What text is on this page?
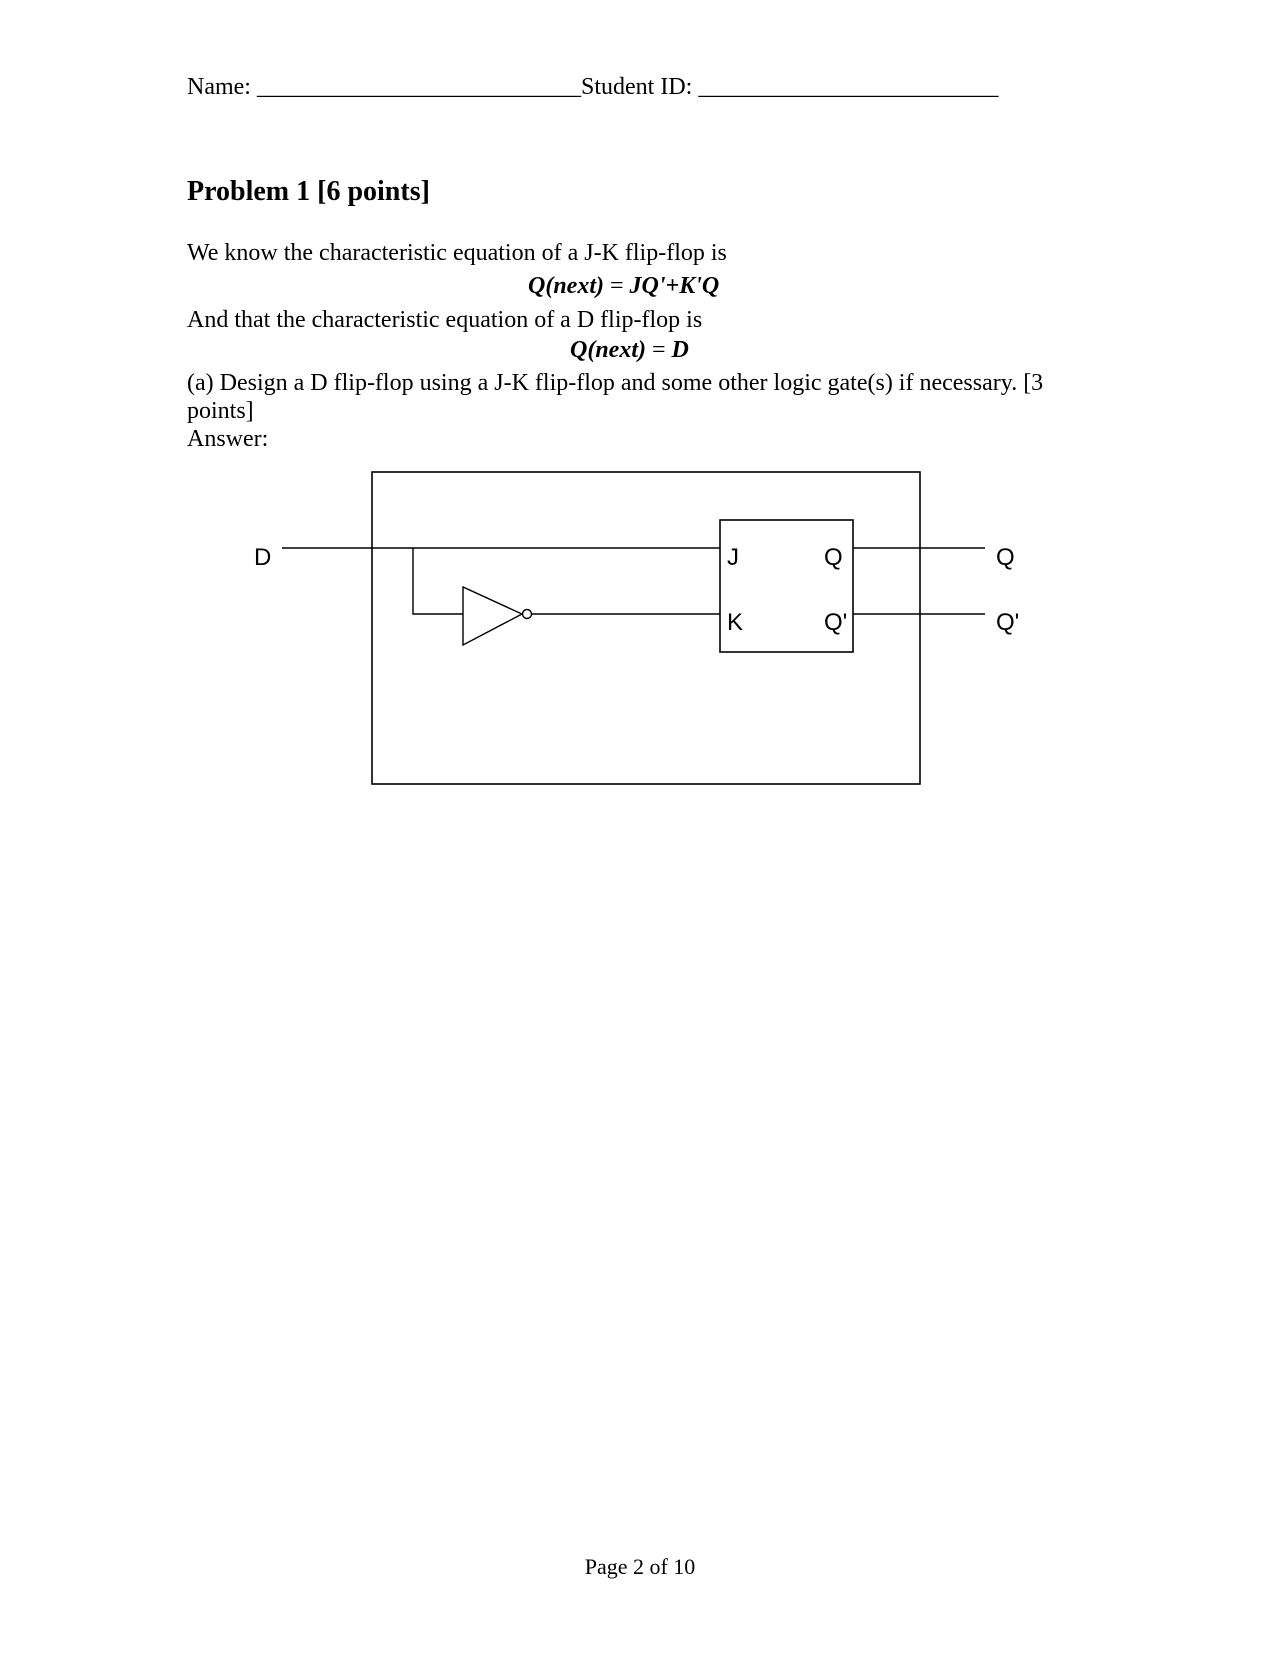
Name: ___________________________Student ID: _________________________
Problem 1 [6 points]
We know the characteristic equation of a J-K flip-flop is
Q(next) = JQ'+K'Q
And that the characteristic equation of a D flip-flop is
Q(next) = D
(a) Design a D flip-flop using a J-K flip-flop and some other logic gate(s) if necessary. [3
points]
Answer:
D	J
K
Q
Q'
Q
Q'
Page 2 of 10
